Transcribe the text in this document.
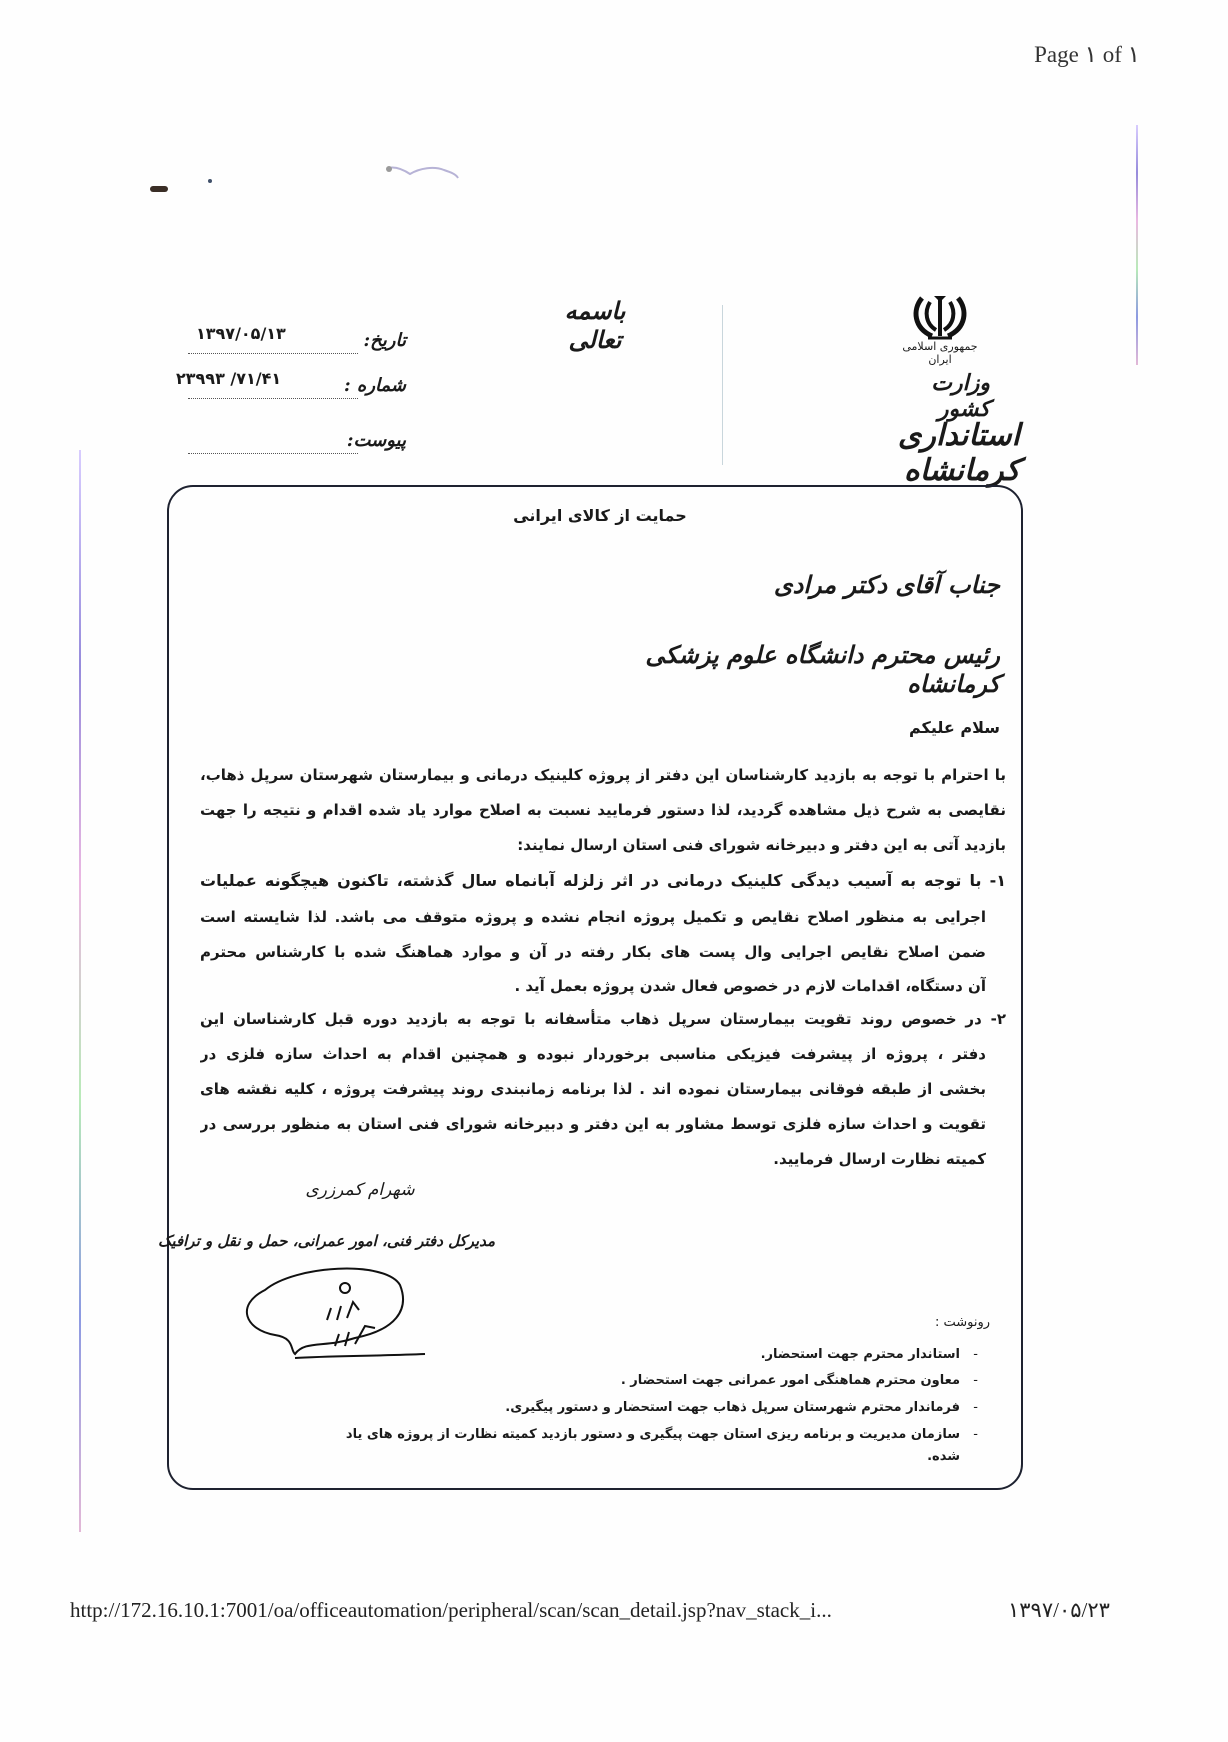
Page ١ of ١
جمهوری اسلامی ایران
وزارت کشور
استانداری کرمانشاه
باسمه تعالی
تاریخ:
۱۳۹۷/۰۵/۱۳
شماره :
۷۱/۴۱/ ۲۳۹۹۳
پیوست:
حمایت از کالای ایرانی
جناب آقای دکتر مرادی
رئیس محترم دانشگاه علوم پزشکی کرمانشاه
سلام علیکم
با احترام با توجه به بازدید کارشناسان این دفتر از پروژه کلینیک درمانی و بیمارستان شهرستان سرپل ذهاب،
نقایصی به شرح ذیل مشاهده گردید، لذا دستور فرمایید نسبت به اصلاح موارد یاد شده اقدام و نتیجه را جهت
بازدید آتی به این دفتر و دبیرخانه شورای فنی استان ارسال نمایند:
۱- با توجه به آسیب دیدگی کلینیک درمانی در اثر زلزله آبانماه سال گذشته، تاکنون هیچگونه عملیات
اجرایی به منظور اصلاح نقایص و تکمیل پروژه انجام نشده و پروژه متوقف می باشد. لذا شایسته است
ضمن اصلاح نقایص اجرایی وال پست های بکار رفته در آن و موارد هماهنگ شده با کارشناس محترم
آن دستگاه، اقدامات لازم در خصوص فعال شدن پروژه بعمل آید .
۲- در خصوص روند تقویت بیمارستان سرپل ذهاب متأسفانه با توجه به بازدید دوره قبل کارشناسان این
دفتر ، پروژه از پیشرفت فیزیکی مناسبی برخوردار نبوده و همچنین اقدام به احداث سازه فلزی در
بخشی از طبقه فوقانی بیمارستان نموده اند . لذا برنامه زمانبندی روند پیشرفت پروژه ، کلیه نقشه های
تقویت و احداث سازه فلزی توسط مشاور به این دفتر و دبیرخانه شورای فنی استان به منظور بررسی در
کمیته نظارت ارسال فرمایید.
شهرام کمرزری
مدیرکل دفتر فنی، امور عمرانی، حمل و نقل و ترافیک
رونوشت :
-
استاندار محترم جهت استحضار.
-
معاون محترم هماهنگی امور عمرانی جهت استحضار .
-
فرماندار محترم شهرستان سرپل ذهاب جهت استحضار و دستور پیگیری.
-
سازمان مدیریت و برنامه ریزی استان جهت پیگیری و دستور بازدید کمیته نظارت از پروژه های یاد شده.
http://172.16.10.1:7001/oa/officeautomation/peripheral/scan/scan_detail.jsp?nav_stack_i...	۱۳۹۷/۰۵/۲۳
